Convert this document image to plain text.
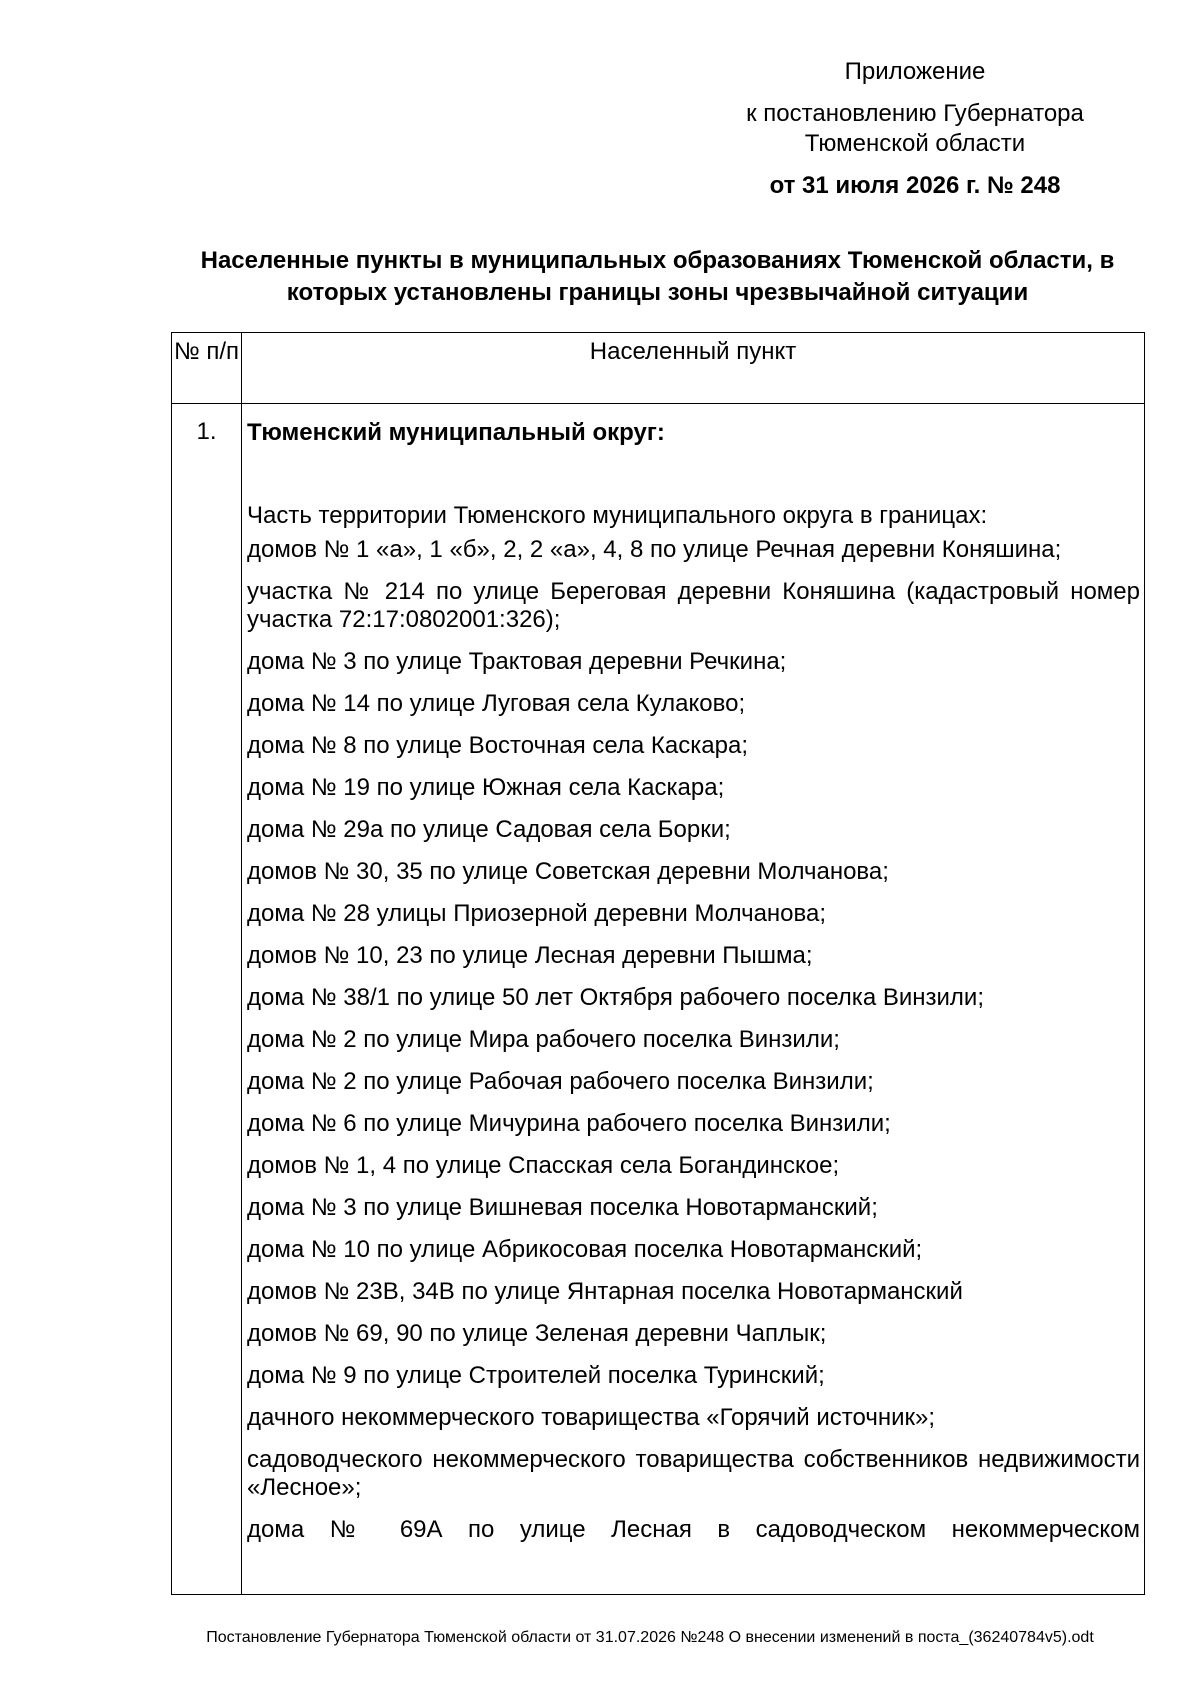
Приложение
к постановлению Губернатора
Тюменской области
от 31 июля 2026 г. № 248
Населенные пункты в муниципальных образованиях Тюменской области, в которых установлены границы зоны чрезвычайной ситуации
№ п/п	Населенный пункт
1.	Тюменский муниципальный округ:
Часть территории Тюменского муниципального округа в границах:

домов № 1 «а», 1 «б», 2, 2 «а», 4, 8 по улице Речная деревни Коняшина;

участка № 214 по улице Береговая деревни Коняшина (кадастровый номер участка 72:17:0802001:326);

дома № 3 по улице Трактовая деревни Речкина;

дома № 14 по улице Луговая села Кулаково;

дома № 8 по улице Восточная села Каскара;

дома № 19 по улице Южная села Каскара;

дома № 29а по улице Садовая села Борки;

домов № 30, 35 по улице Советская деревни Молчанова;

дома № 28 улицы Приозерной деревни Молчанова;

домов № 10, 23 по улице Лесная деревни Пышма;

дома № 38/1 по улице 50 лет Октября рабочего поселка Винзили;

дома № 2 по улице Мира рабочего поселка Винзили;

дома № 2 по улице Рабочая рабочего поселка Винзили;

дома № 6 по улице Мичурина рабочего поселка Винзили;

домов № 1, 4 по улице Спасская села Богандинское;

дома № 3 по улице Вишневая поселка Новотарманский;

дома № 10 по улице Абрикосовая поселка Новотарманский;

домов № 23В, 34В по улице Янтарная поселка Новотарманский

домов № 69, 90 по улице Зеленая деревни Чаплык;

дома № 9 по улице Строителей поселка Туринский;

дачного некоммерческого товарищества «Горячий источник»;

садоводческого некоммерческого товарищества собственников недвижимости «Лесное»;

дома № 69А по улице Лесная в садоводческом некоммерческом

Постановление Губернатора Тюменской области от 31.07.2026 №248 О внесении изменений в поста_(36240784v5).odt
